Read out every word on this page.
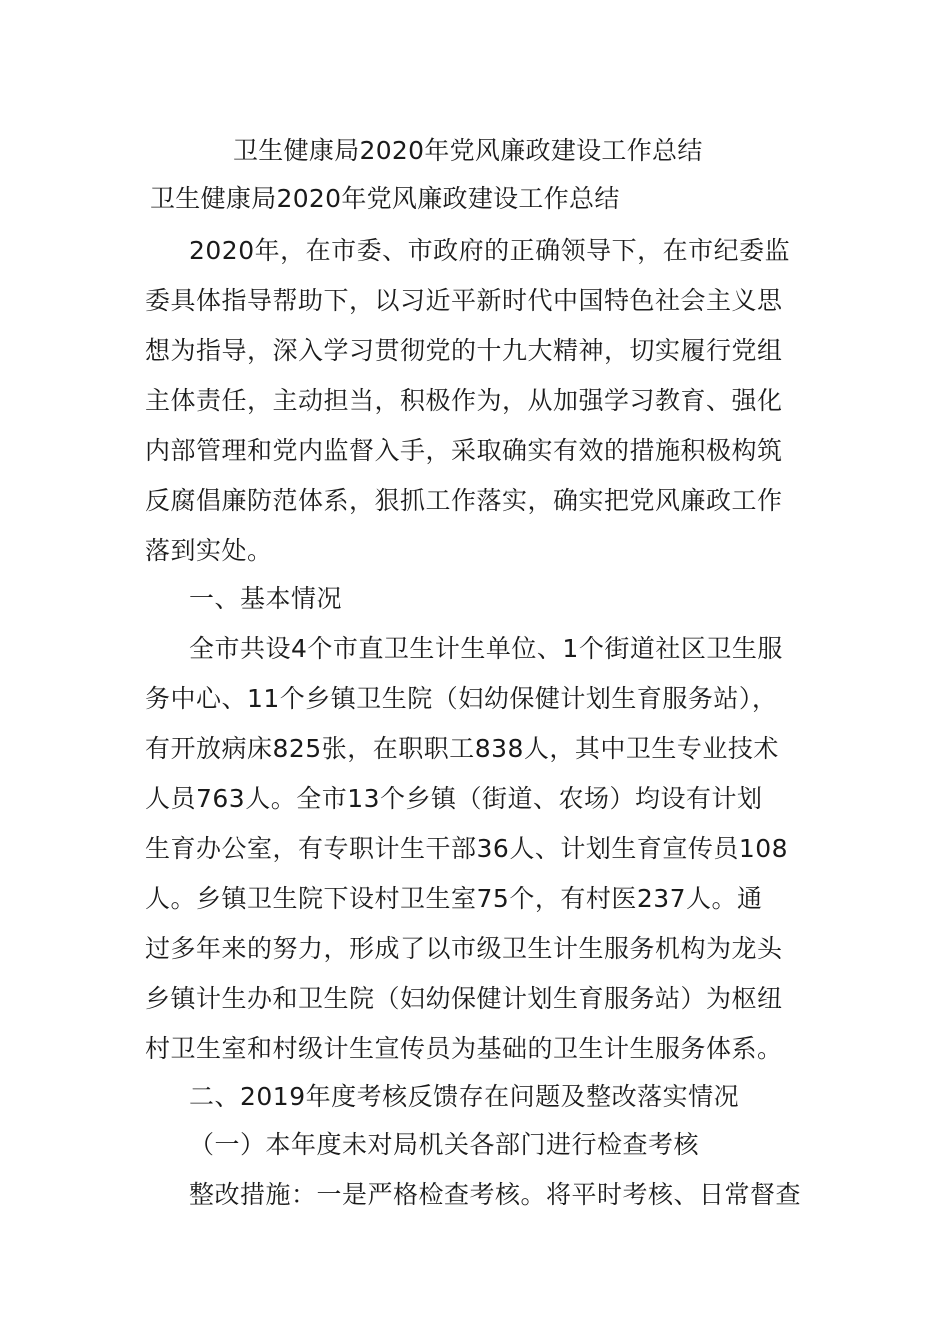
卫生健康局2020年党风廉政建设工作总结
卫生健康局2020年党风廉政建设工作总结
2020年，在市委、市政府的正确领导下，在市纪委监
委具体指导帮助下，以习近平新时代中国特色社会主义思
想为指导，深入学习贯彻党的十九大精神，切实履行党组
主体责任，主动担当，积极作为，从加强学习教育、强化
内部管理和党内监督入手，采取确实有效的措施积极构筑
反腐倡廉防范体系，狠抓工作落实，确实把党风廉政工作
落到实处。
一、基本情况
全市共设4个市直卫生计生单位、1个街道社区卫生服
务中心、11个乡镇卫生院（妇幼保健计划生育服务站），
有开放病床825张，在职职工838人，其中卫生专业技术
人员763人。全市13个乡镇（街道、农场）均设有计划
生育办公室，有专职计生干部36人、计划生育宣传员108
人。乡镇卫生院下设村卫生室75个，有村医237人。通
过多年来的努力，形成了以市级卫生计生服务机构为龙头
乡镇计生办和卫生院（妇幼保健计划生育服务站）为枢纽
村卫生室和村级计生宣传员为基础的卫生计生服务体系。
二、2019年度考核反馈存在问题及整改落实情况
（一）本年度未对局机关各部门进行检查考核
整改措施：一是严格检查考核。将平时考核、日常督查
